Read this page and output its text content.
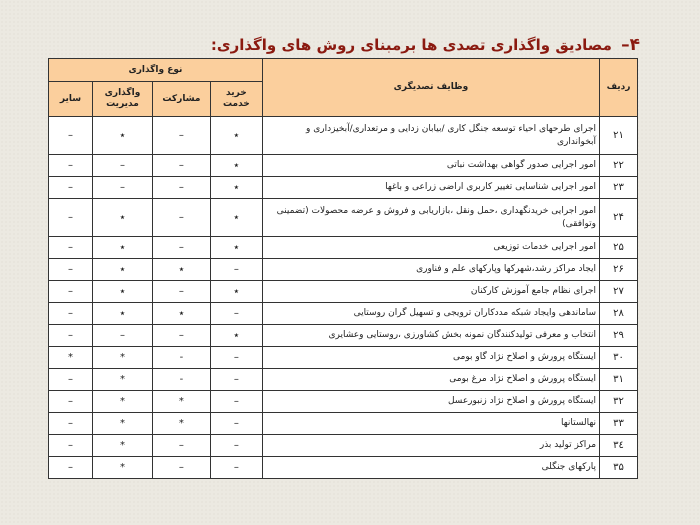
۴– مصادیق واگذاری تصدی ها برمبنای روش های واگذاری:
ردیف	وظایف تصدیگری	نوع واگذاری			
		خرید خدمت	مشارکت	واگذاری مدیریت	سایر
۲۱	اجرای طرحهای احیاء توسعه جنگل کاری /بیابان زدایی و مرتعداری/آبخیزداری و آبخوانداری	٭	–	٭	–
۲۲	امور اجرایی صدور گواهی بهداشت نباتی	٭	–	–	–
۲۳	امور اجرایی شناسایی تغییر کاربری اراضی زراعی و باغها	٭	–	–	–
۲۴	امور اجرایی خریدنگهداری ،حمل ونقل ،بازاریابی و فروش و عرضه محصولات (تضمینی وتوافقی)	٭	–	٭	–
۲۵	امور اجرایی خدمات توزیعی	٭	–	٭	–
۲۶	ایجاد مراکز رشد،شهرکها وپارکهای علم و فناوری	–	٭	٭	–
۲۷	اجرای نظام جامع آموزش کارکنان	٭	–	٭	–
۲۸	ساماندهی وایجاد شبکه مددکاران ترویجی و تسهیل گران روستایی	–	٭	٭	–
۲۹	انتخاب و معرفی تولیدکنندگان نمونه بخش کشاورزی ،روستایی وعشایری	٭	–	–	–
۳۰	ایستگاه پرورش و اصلاح نژاد گاو بومی	–	-	*	*
۳۱	ایستگاه پرورش و اصلاح نژاد مرغ بومی	–	-	*	–
۳۲	ایستگاه پرورش و اصلاح نژاد زنبورعسل	–	*	*	–
۳۳	نهالستانها	–	*	*	–
۳٤	مراکز تولید بذر	–	–	*	–
۳۵	پارکهای جنگلی	–	–	*	–
